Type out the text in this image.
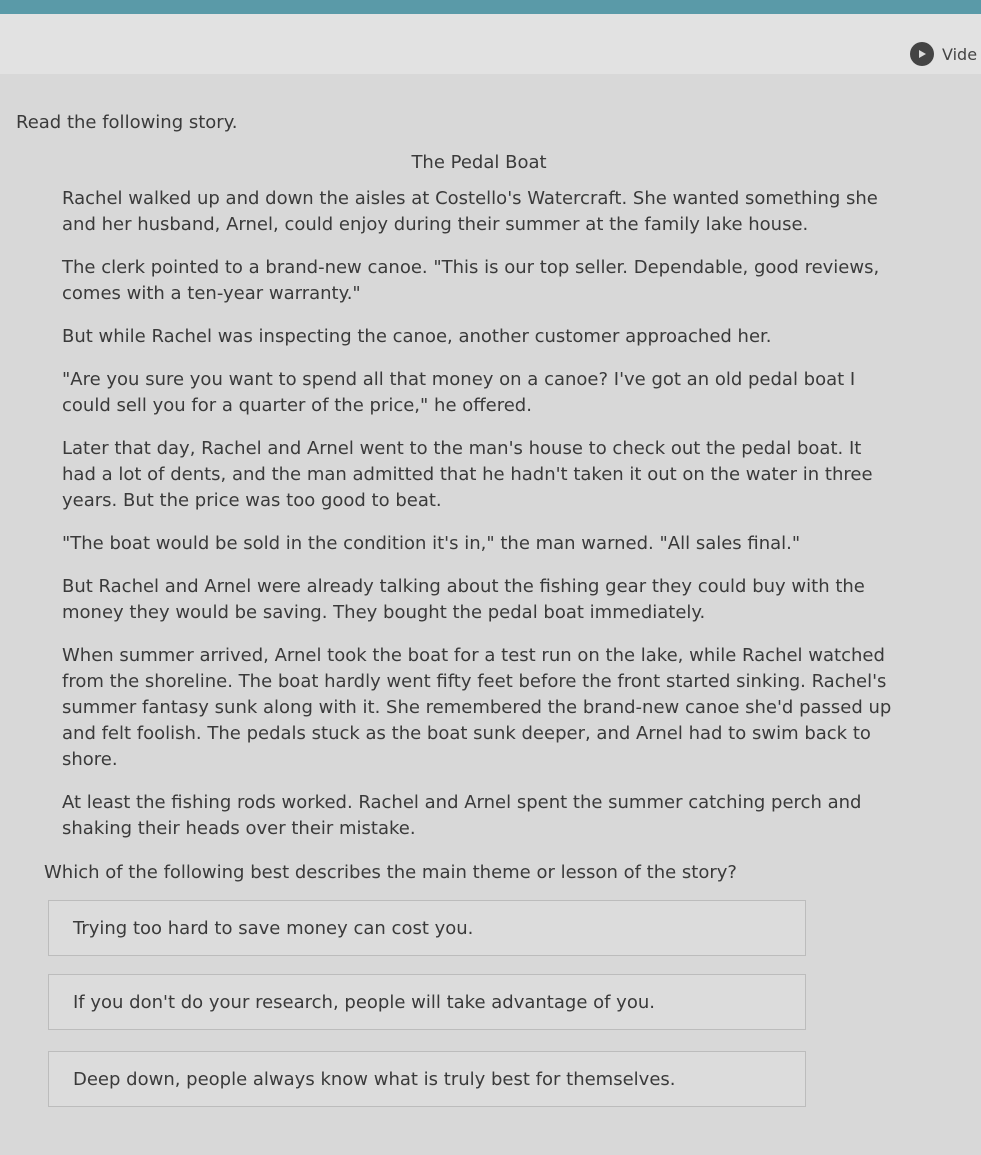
Vide
Read the following story.
The Pedal Boat

Rachel walked up and down the aisles at Costello's Watercraft. She wanted something she and her husband, Arnel, could enjoy during their summer at the family lake house.

The clerk pointed to a brand-new canoe. "This is our top seller. Dependable, good reviews, comes with a ten-year warranty."

But while Rachel was inspecting the canoe, another customer approached her.

"Are you sure you want to spend all that money on a canoe? I've got an old pedal boat I could sell you for a quarter of the price," he offered.

Later that day, Rachel and Arnel went to the man's house to check out the pedal boat. It had a lot of dents, and the man admitted that he hadn't taken it out on the water in three years. But the price was too good to beat.

"The boat would be sold in the condition it's in," the man warned. "All sales final."

But Rachel and Arnel were already talking about the fishing gear they could buy with the money they would be saving. They bought the pedal boat immediately.

When summer arrived, Arnel took the boat for a test run on the lake, while Rachel watched from the shoreline. The boat hardly went fifty feet before the front started sinking. Rachel's summer fantasy sunk along with it. She remembered the brand-new canoe she'd passed up and felt foolish. The pedals stuck as the boat sunk deeper, and Arnel had to swim back to shore.

At least the fishing rods worked. Rachel and Arnel spent the summer catching perch and shaking their heads over their mistake.

Which of the following best describes the main theme or lesson of the story?
Trying too hard to save money can cost you.
If you don't do your research, people will take advantage of you.
Deep down, people always know what is truly best for themselves.
